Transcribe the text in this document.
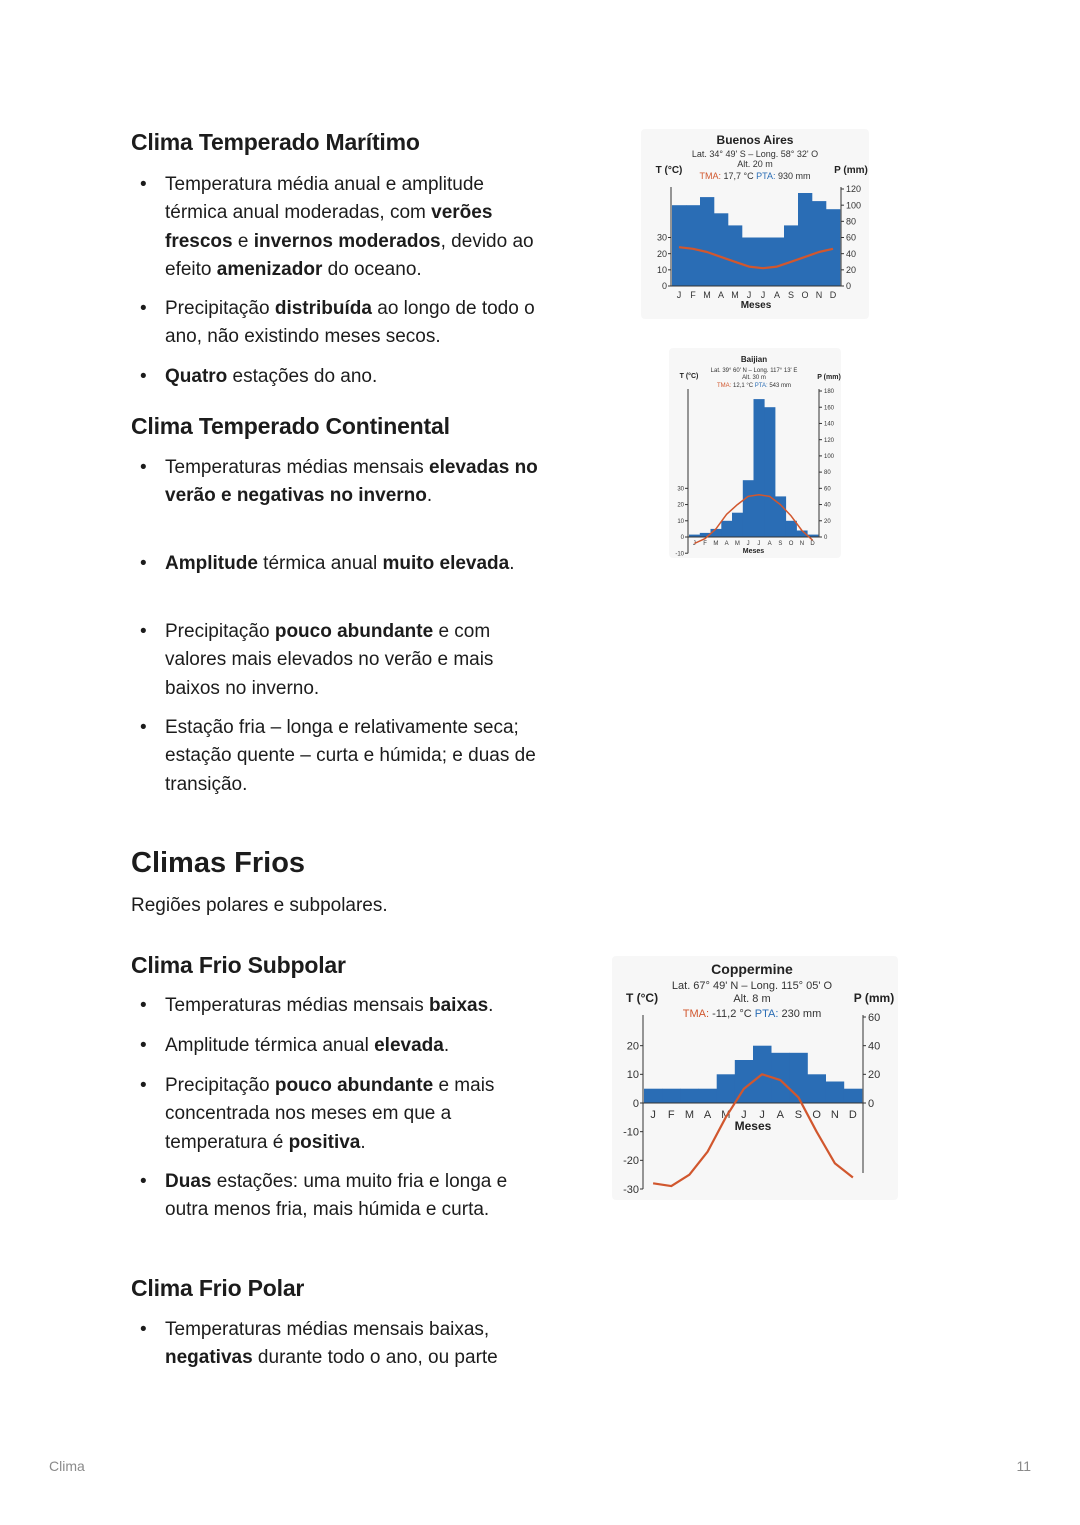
Clima Temperado Marítimo

• Temperatura média anual e amplitude térmica anual moderadas, com verões frescos e invernos moderados, devido ao efeito amenizador do oceano.

• Precipitação distribuída ao longo de todo o ano, não existindo meses secos.

• Quatro estações do ano.

Clima Temperado Continental

• Temperaturas médias mensais elevadas no verão e negativas no inverno.

• Amplitude térmica anual muito elevada.

• Precipitação pouco abundante e com valores mais elevados no verão e mais baixos no inverno.

• Estação fria – longa e relativamente seca; estação quente – curta e húmida; e duas de transição.

Climas Frios

Regiões polares e subpolares.

Clima Frio Subpolar

• Temperaturas médias mensais baixas.

• Amplitude térmica anual elevada.

• Precipitação pouco abundante e mais concentrada nos meses em que a temperatura é positiva.

• Duas estações: uma muito fria e longa e outra menos fria, mais húmida e curta.

Clima Frio Polar

• Temperaturas médias mensais baixas, negativas durante todo o ano, ou parte

Buenos Aires
Lat. 34° 49' S – Long. 58° 32' O
Alt. 20 m
TMA: 17,7 °C PTA: 930 mm
T (°C)	P (mm)
0
10
20
30
0
20
40
60
80
100
120
J F M A M J J A S O N D
Meses
Baijian
Lat. 39° 60' N – Long. 117° 13' E
Alt. 30 m
TMA: 12,1 °C PTA: 543 mm
T (°C)	P (mm)
-10
0
10
20
30
0
20
40
60
80
100
120
140
160
180
J F M A M J J A S O N D
Meses
Coppermine
Lat. 67° 49' N – Long. 115° 05' O
Alt. 8 m
TMA: -11,2 °C PTA: 230 mm
T (°C)	P (mm)
-30
-20
-10
0
10
20
0
20
40
60
J F M A M J J A S O N D
Meses
Clima	11
